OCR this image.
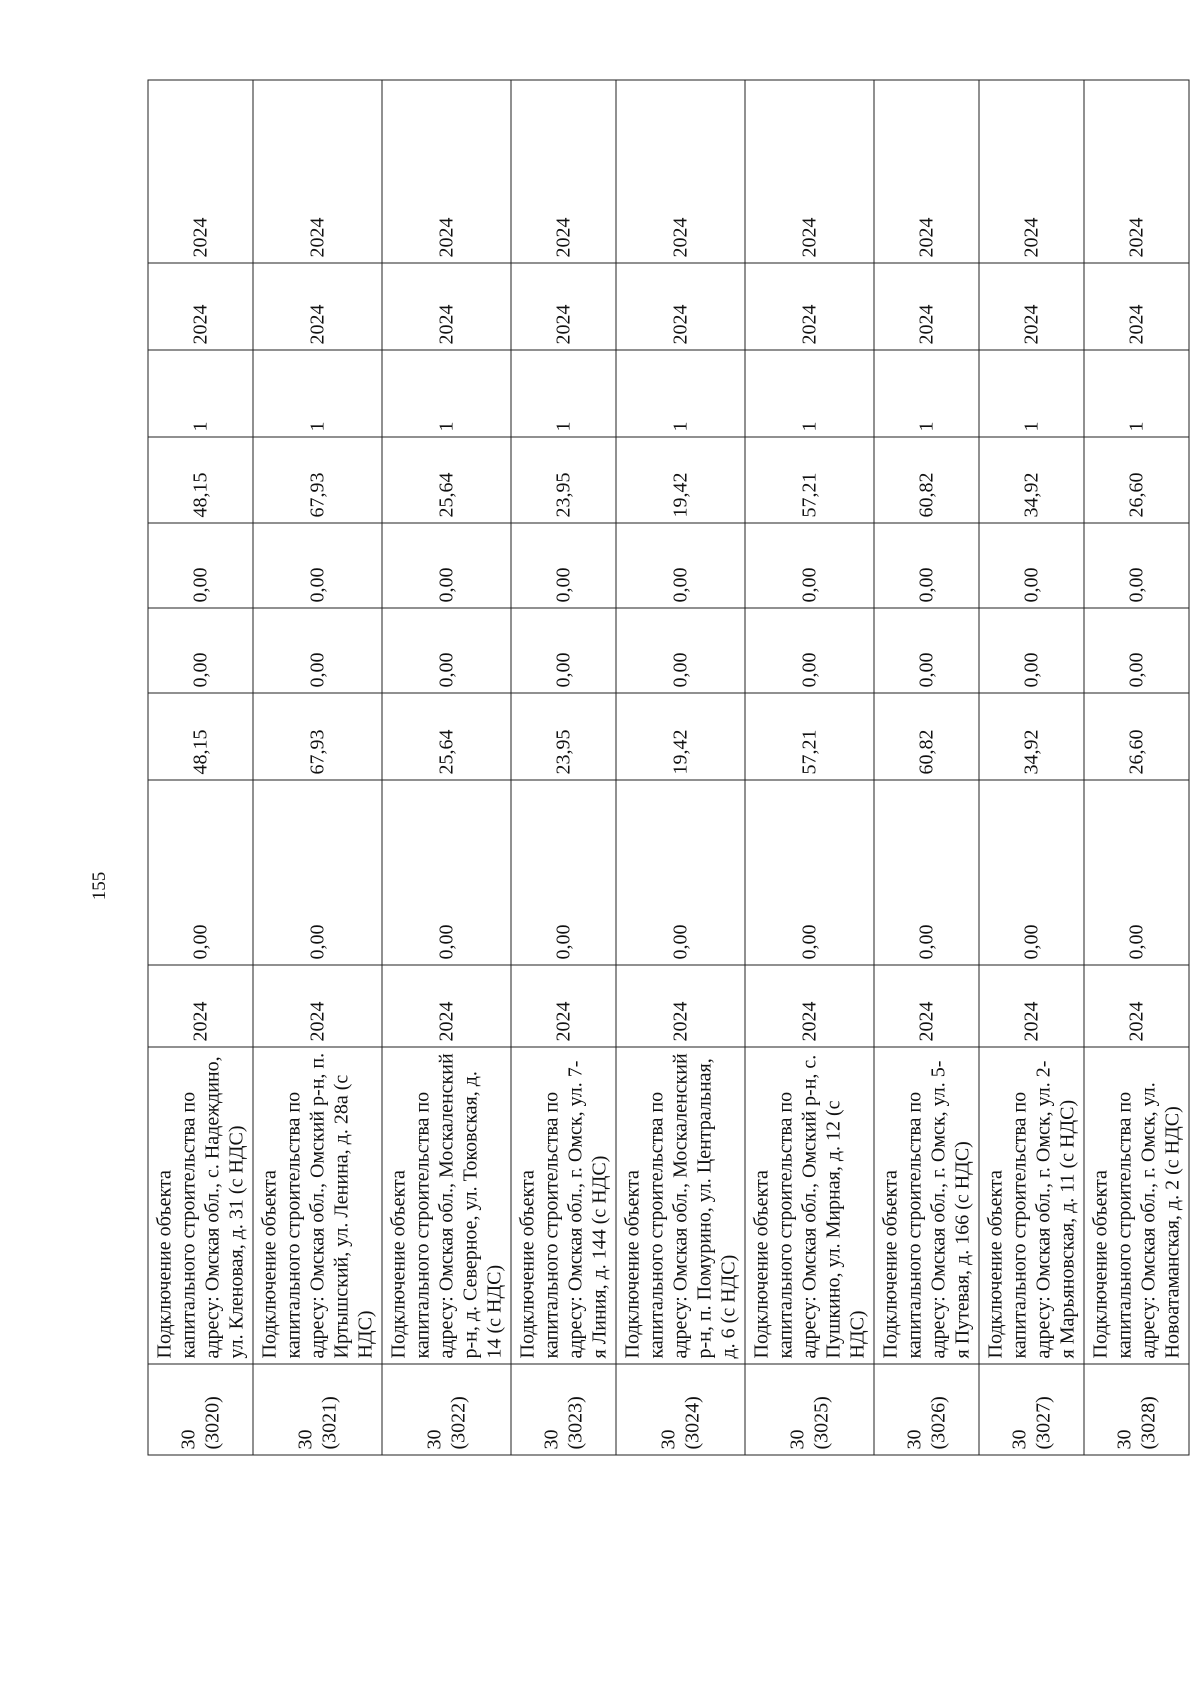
155
30 (3020)	Подключение объекта капитального строительства по адресу: Омская обл., с. Надеждино, ул. Кленовая, д. 31 (с НДС)	2024	0,00	48,15	0,00	0,00	48,15	1	2024	2024

30 (3021)	Подключение объекта капитального строительства по адресу: Омская обл., Омский р-н, п. Иртышский, ул. Ленина, д. 28а (с НДС)	2024	0,00	67,93	0,00	0,00	67,93	1	2024	2024

30 (3022)	Подключение объекта капитального строительства по адресу: Омская обл., Москаленский р-н, д. Северное, ул. Токовская, д. 14 (с НДС)	2024	0,00	25,64	0,00	0,00	25,64	1	2024	2024

30 (3023)	Подключение объекта капитального строительства по адресу: Омская обл., г. Омск, ул. 7-я Линия, д. 144 (с НДС)	2024	0,00	23,95	0,00	0,00	23,95	1	2024	2024

30 (3024)	Подключение объекта капитального строительства по адресу: Омская обл., Москаленский р-н, п. Помурино, ул. Центральная, д. 6 (с НДС)	2024	0,00	19,42	0,00	0,00	19,42	1	2024	2024

30 (3025)	Подключение объекта капитального строительства по адресу: Омская обл., Омский р-н, с. Пушкино, ул. Мирная, д. 12 (с НДС)	2024	0,00	57,21	0,00	0,00	57,21	1	2024	2024

30 (3026)	Подключение объекта капитального строительства по адресу: Омская обл., г. Омск, ул. 5-я Путевая, д. 166 (с НДС)	2024	0,00	60,82	0,00	0,00	60,82	1	2024	2024

30 (3027)	Подключение объекта капитального строительства по адресу: Омская обл., г. Омск, ул. 2-я Марьяновская, д. 11 (с НДС)	2024	0,00	34,92	0,00	0,00	34,92	1	2024	2024

30 (3028)	Подключение объекта капитального строительства по адресу: Омская обл., г. Омск, ул. Новоатаманская, д. 2 (с НДС)	2024	0,00	26,60	0,00	0,00	26,60	1	2024	2024
